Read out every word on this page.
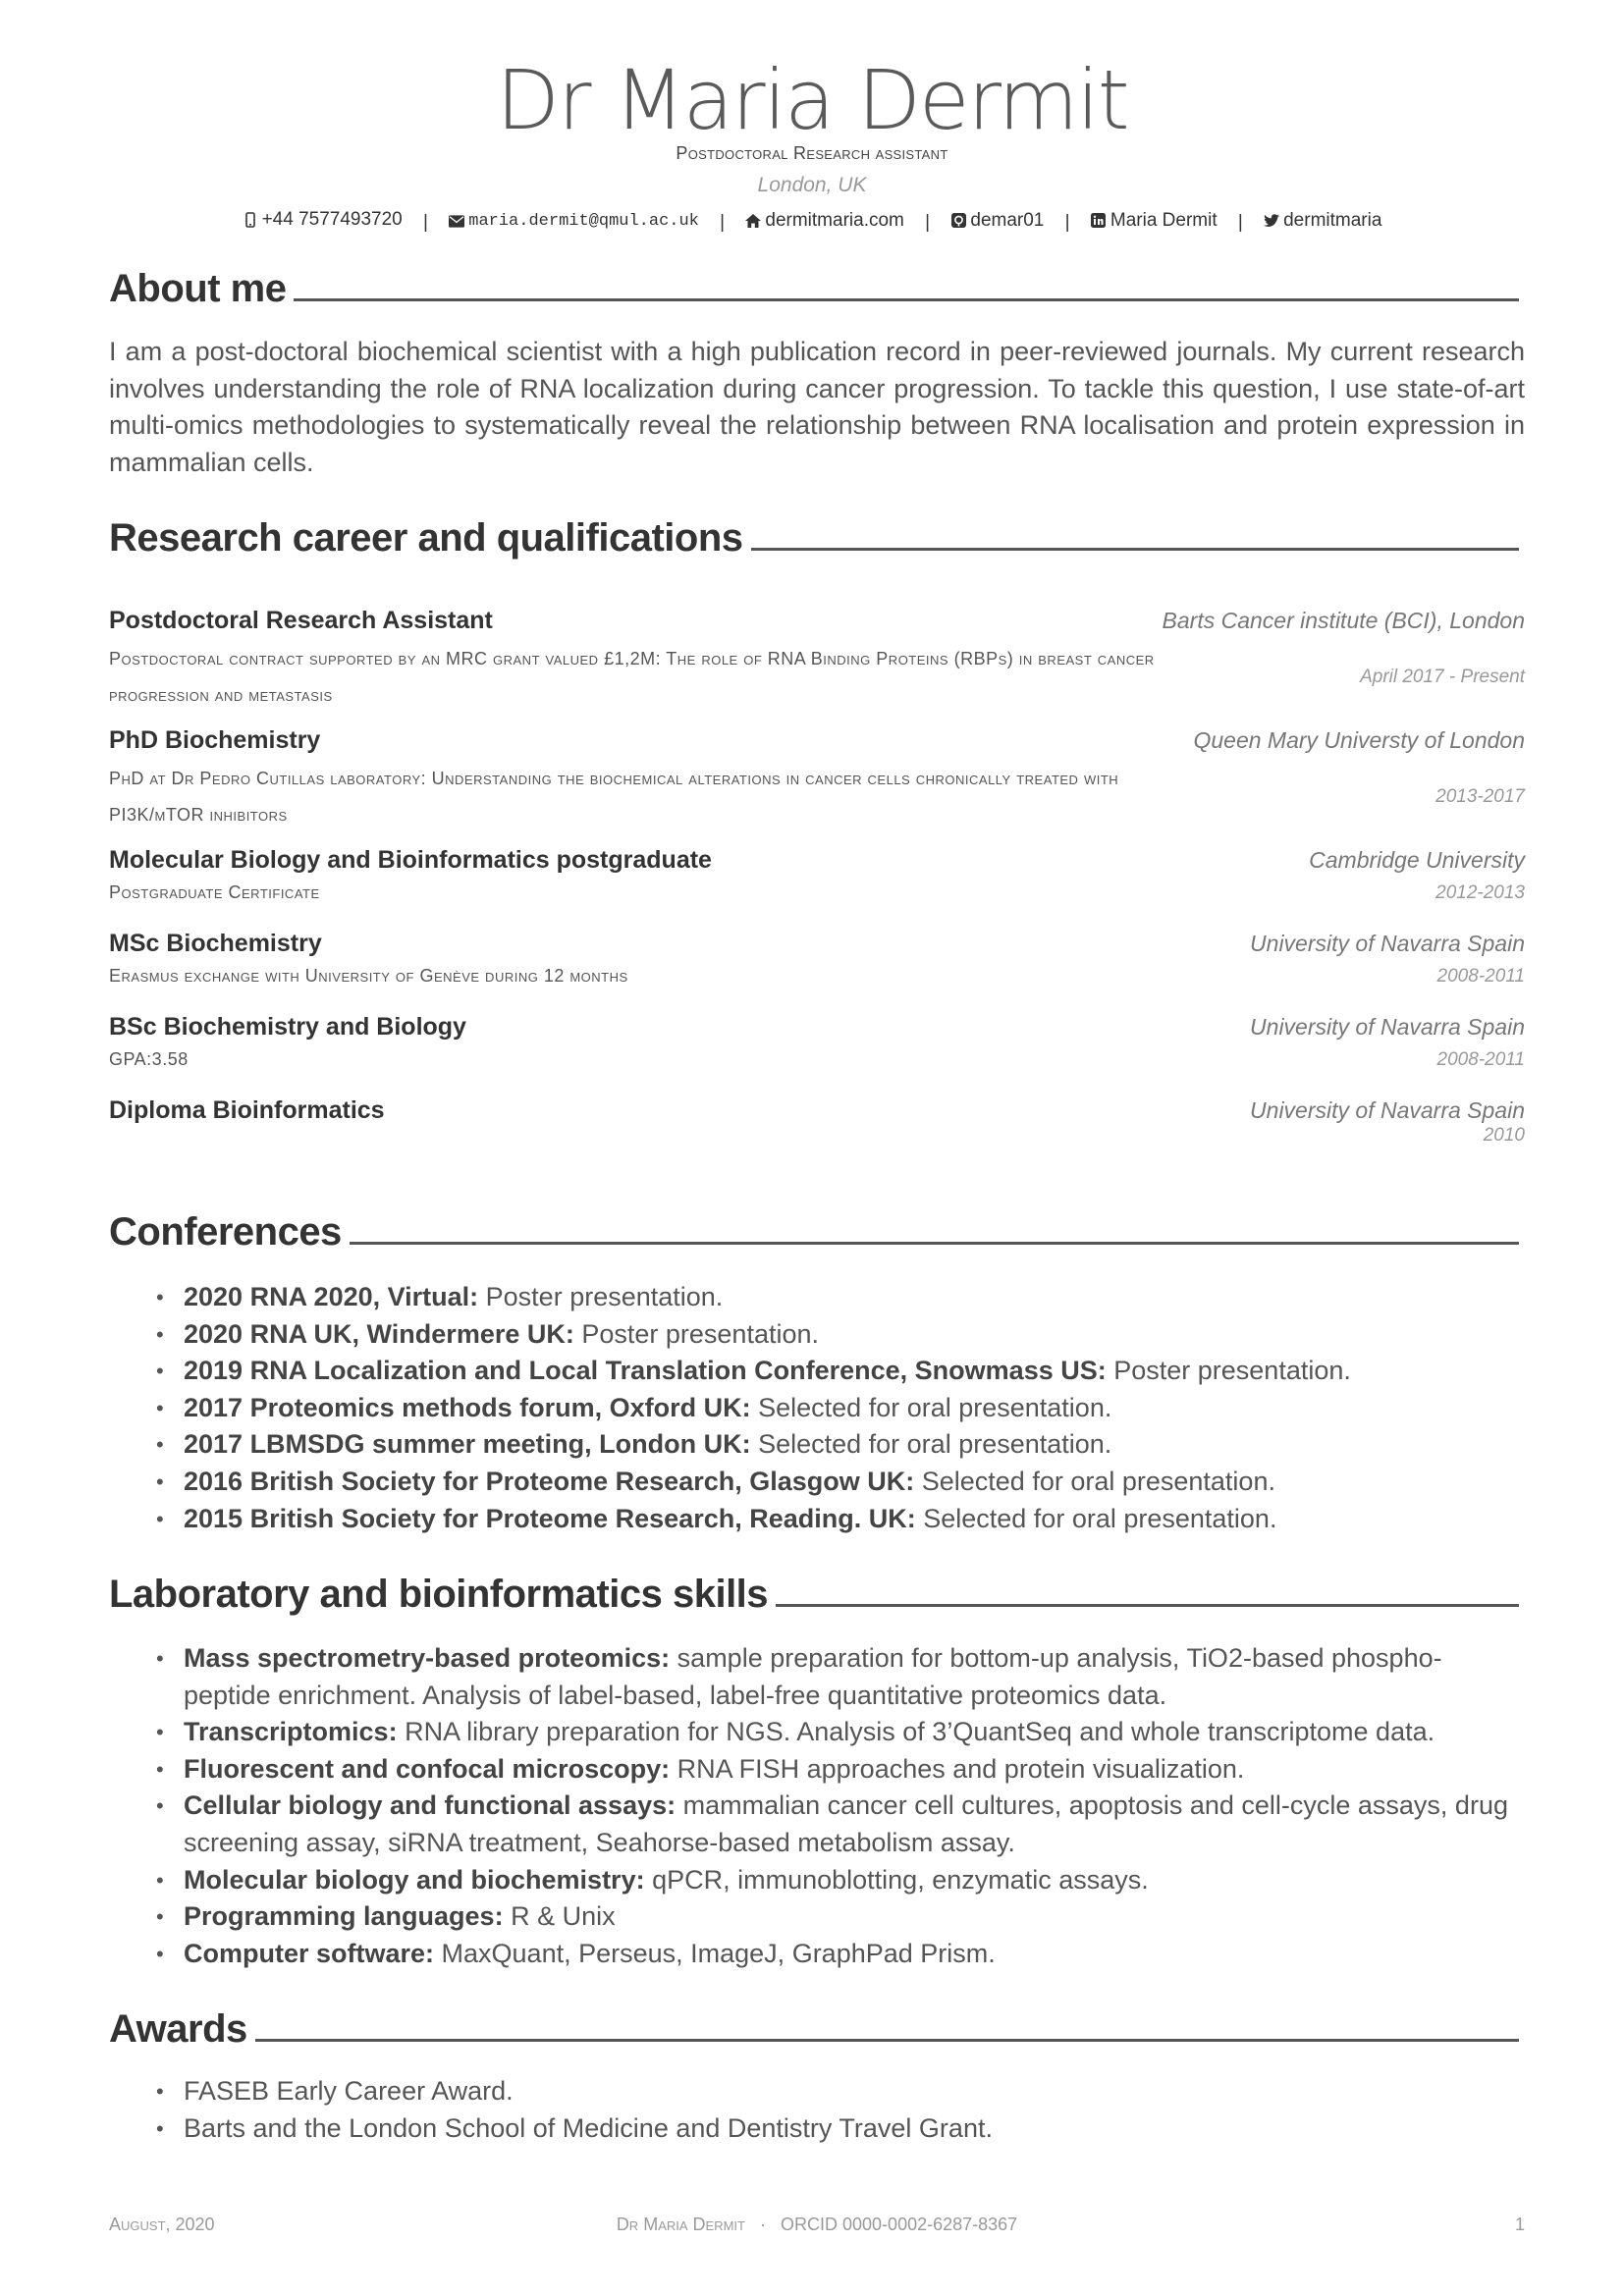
Dr Maria Dermit
Postdoctoral Research assistant
London, UK
+44 7577493720 | maria.dermit@qmul.ac.uk | dermitmaria.com | demar01 | Maria Dermit | dermitmaria
About me
I am a post-doctoral biochemical scientist with a high publication record in peer-reviewed journals. My current research involves understanding the role of RNA localization during cancer progression. To tackle this question, I use state-of-art multi-omics methodologies to systematically reveal the relationship between RNA localisation and protein expression in mammalian cells.
Research career and qualifications
Postdoctoral Research Assistant	Barts Cancer institute (BCI), London
Postdoctoral contract supported by an MRC grant valued £1,2M: The role of RNA Binding Proteins (RBPs) in breast cancer progression and metastasis
April 2017 - Present
PhD Biochemistry	Queen Mary Universty of London
PhD at Dr Pedro Cutillas laboratory: Understanding the biochemical alterations in cancer cells chronically treated with PI3K/mTOR inhibitors
2013-2017
Molecular Biology and Bioinformatics postgraduate	Cambridge University
Postgraduate Certificate	2012-2013
MSc Biochemistry	University of Navarra Spain
Erasmus exchange with University of Genève during 12 months	2008-2011
BSc Biochemistry and Biology	University of Navarra Spain
GPA:3.58	2008-2011
Diploma Bioinformatics	University of Navarra Spain
2010
Conferences
• 2020 RNA 2020, Virtual: Poster presentation.
• 2020 RNA UK, Windermere UK: Poster presentation.
• 2019 RNA Localization and Local Translation Conference, Snowmass US: Poster presentation.
• 2017 Proteomics methods forum, Oxford UK: Selected for oral presentation.
• 2017 LBMSDG summer meeting, London UK: Selected for oral presentation.
• 2016 British Society for Proteome Research, Glasgow UK: Selected for oral presentation.
• 2015 British Society for Proteome Research, Reading. UK: Selected for oral presentation.
Laboratory and bioinformatics skills
• Mass spectrometry-based proteomics: sample preparation for bottom-up analysis, TiO2-based phospho-peptide enrichment. Analysis of label-based, label-free quantitative proteomics data.
• Transcriptomics: RNA library preparation for NGS. Analysis of 3’QuantSeq and whole transcriptome data.
• Fluorescent and confocal microscopy: RNA FISH approaches and protein visualization.
• Cellular biology and functional assays: mammalian cancer cell cultures, apoptosis and cell-cycle assays, drug screening assay, siRNA treatment, Seahorse-based metabolism assay.
• Molecular biology and biochemistry: qPCR, immunoblotting, enzymatic assays.
• Programming languages: R & Unix
• Computer software: MaxQuant, Perseus, ImageJ, GraphPad Prism.
Awards
• FASEB Early Career Award.
• Barts and the London School of Medicine and Dentistry Travel Grant.
August, 2020	Dr Maria Dermit · ORCID 0000-0002-6287-8367	1
